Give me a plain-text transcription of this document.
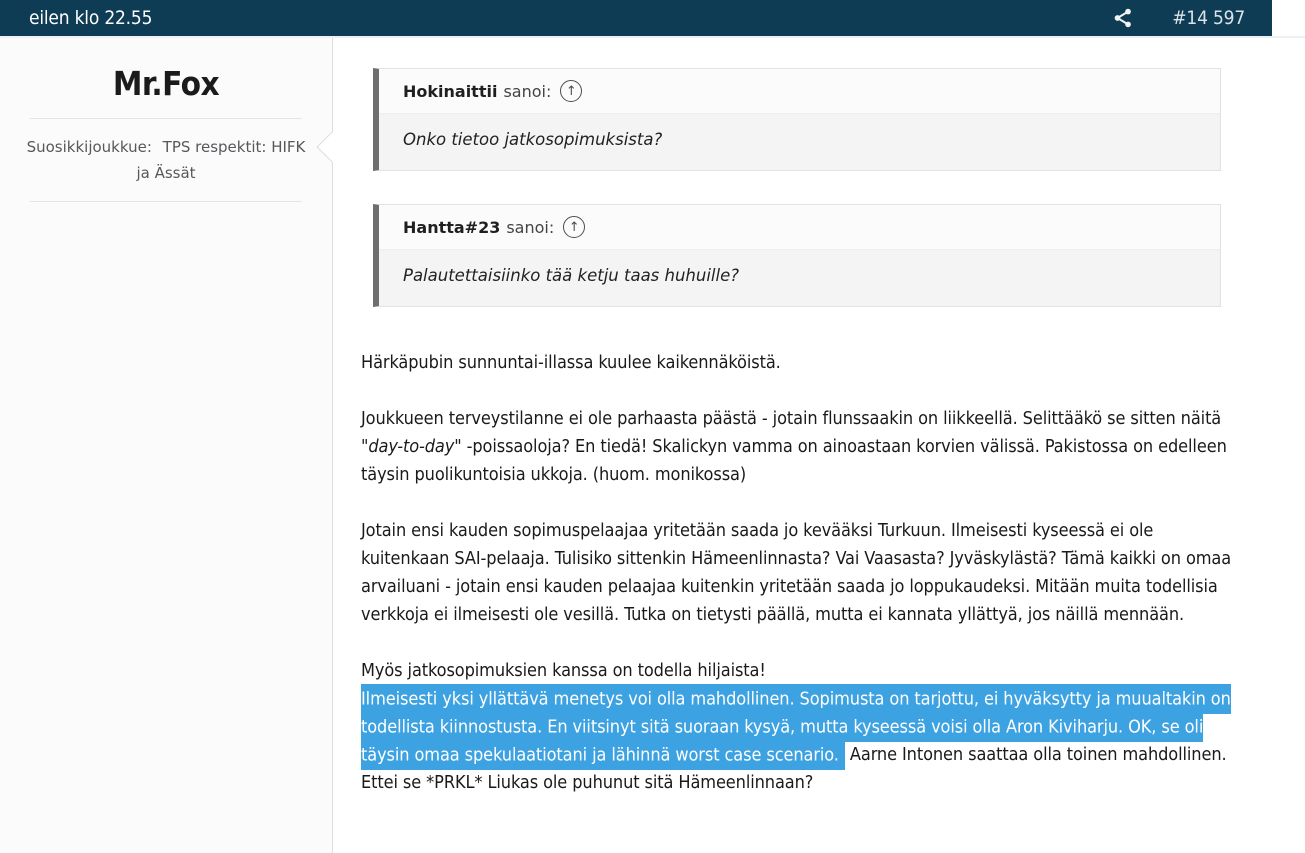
eilen klo 22.55	#14 597
Mr.Fox
Suosikkijoukkue: TPS respektit: HIFK ja Ässät
Hokinaittii sanoi:	↑
Onko tietoo jatkosopimuksista?
Hantta#23 sanoi:	↑
Palautettaisiinko tää ketju taas huhuille?

Härkäpubin sunnuntai-illassa kuulee kaikennäköistä.

Joukkueen terveystilanne ei ole parhaasta päästä - jotain flunssaakin on liikkeellä. Selittääkö se sitten näitä "day-to-day" -poissaoloja? En tiedä! Skalickyn vamma on ainoastaan korvien välissä. Pakistossa on edelleen täysin puolikuntoisia ukkoja. (huom. monikossa)

Jotain ensi kauden sopimuspelaajaa yritetään saada jo kevääksi Turkuun. Ilmeisesti kyseessä ei ole kuitenkaan SAI-pelaaja. Tulisiko sittenkin Hämeenlinnasta? Vai Vaasasta? Jyväskylästä? Tämä kaikki on omaa arvailuani - jotain ensi kauden pelaajaa kuitenkin yritetään saada jo loppukaudeksi. Mitään muita todellisia verkkoja ei ilmeisesti ole vesillä. Tutka on tietysti päällä, mutta ei kannata yllättyä, jos näillä mennään.

Myös jatkosopimuksien kanssa on todella hiljaista!
Ilmeisesti yksi yllättävä menetys voi olla mahdollinen. Sopimusta on tarjottu, ei hyväksytty ja muualtakin on todellista kiinnostusta. En viitsinyt sitä suoraan kysyä, mutta kyseessä voisi olla Aron Kiviharju. OK, se oli täysin omaa spekulaatiotani ja lähinnä worst case scenario. Aarne Intonen saattaa olla toinen mahdollinen. Ettei se *PRKL* Liukas ole puhunut sitä Hämeenlinnaan?
